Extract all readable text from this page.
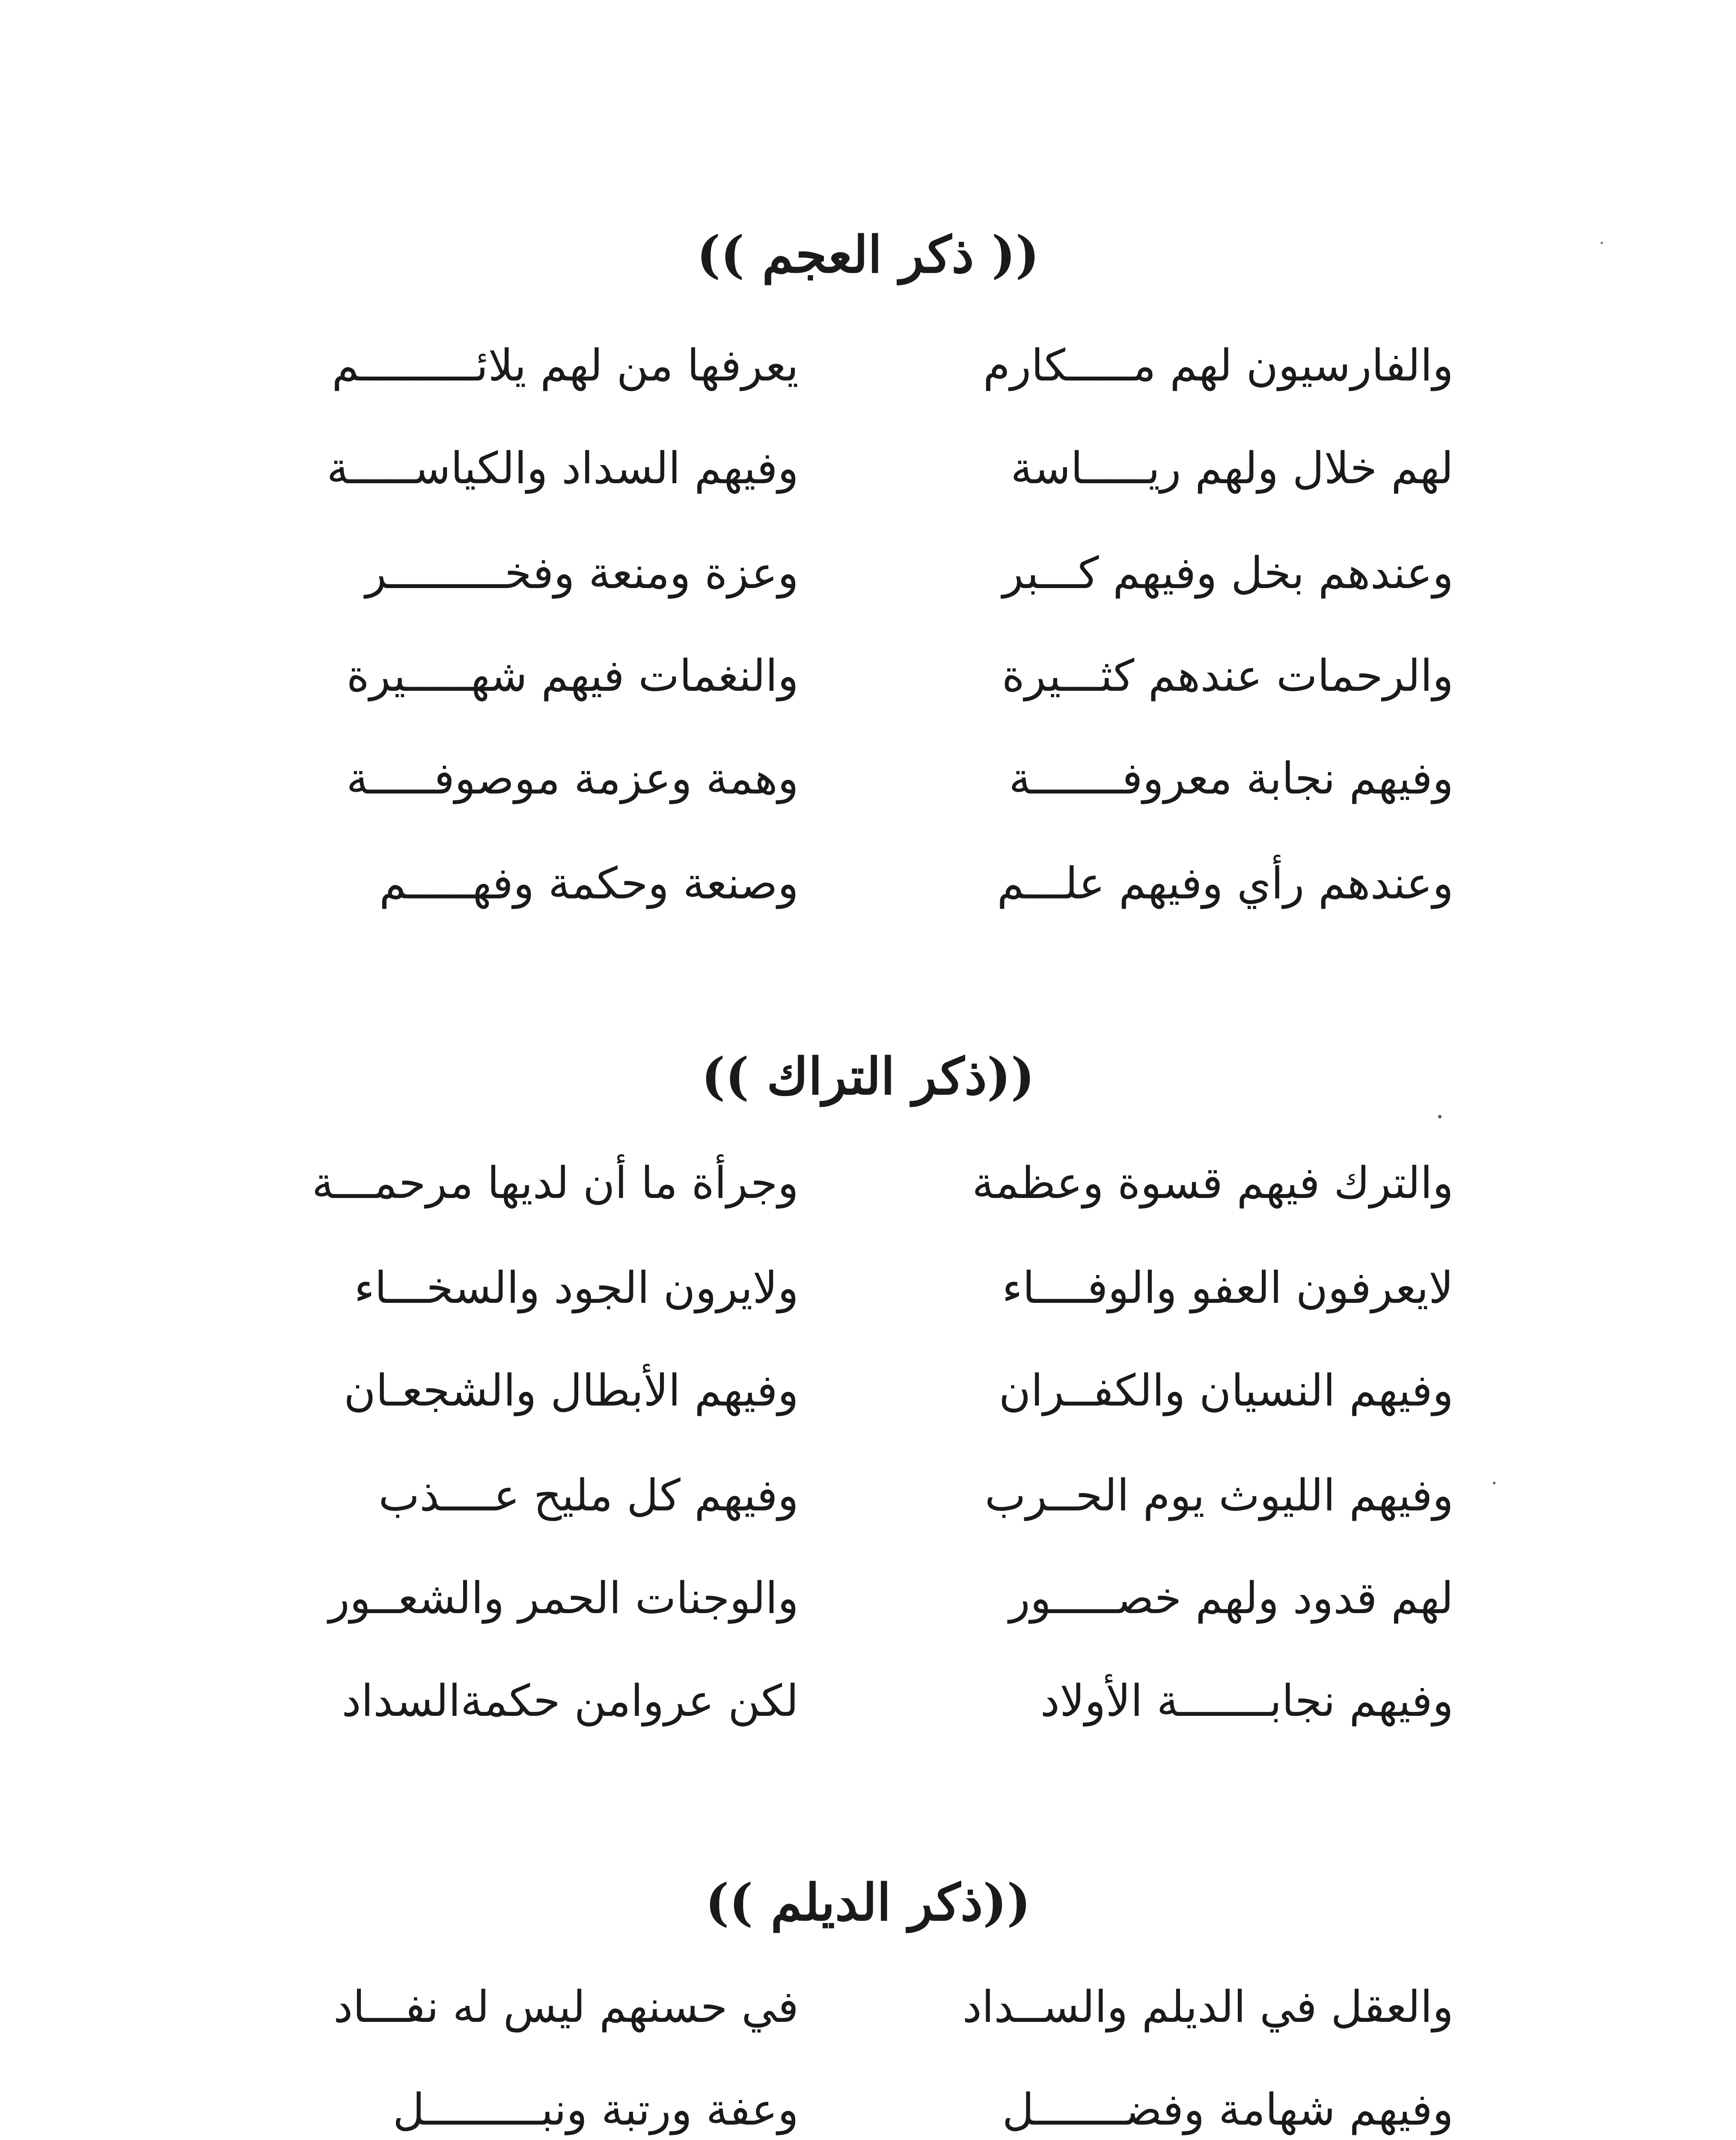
(( ذكر العجم ))
والفارسيون لهم مـــــكارم
يعرفها من لهم يلائـــــــــم
لهم خلال ولهم ريـــــاسة
وفيهم السداد والكياســـــة
وعندهم بخل وفيهم كـــبر
وعزة ومنعة وفخـــــــــر
والرحمات عندهم كثـــيرة
والنغمات فيهم شهـــــيرة
وفيهم نجابة معروفـــــــة
وهمة وعزمة موصوفـــــة
وعندهم رأي وفيهم علـــم
وصنعة وحكمة وفهـــــم
((ذكر التراك ))
والترك فيهم قسوة وعظمة
وجرأة ما أن لديها مرحمـــة
لايعرفون العفو والوفــــاء
ولايرون الجود والسخـــاء
وفيهم النسيان والكفــران
وفيهم الأبطال والشجعـان
وفيهم الليوث يوم الحــرب
وفيهم كل مليح عــــذب
لهم قدود ولهم خصـــــور
والوجنات الحمر والشعــور
وفيهم نجابـــــــة الأولاد
لكن عروامن حكمةالسداد
((ذكر الديلم ))
والعقل في الديلم والســداد
في حسنهم ليس له نفـــاد
وفيهم شهامة وفضـــــــل
وعفة ورتبة ونبـــــــــل
